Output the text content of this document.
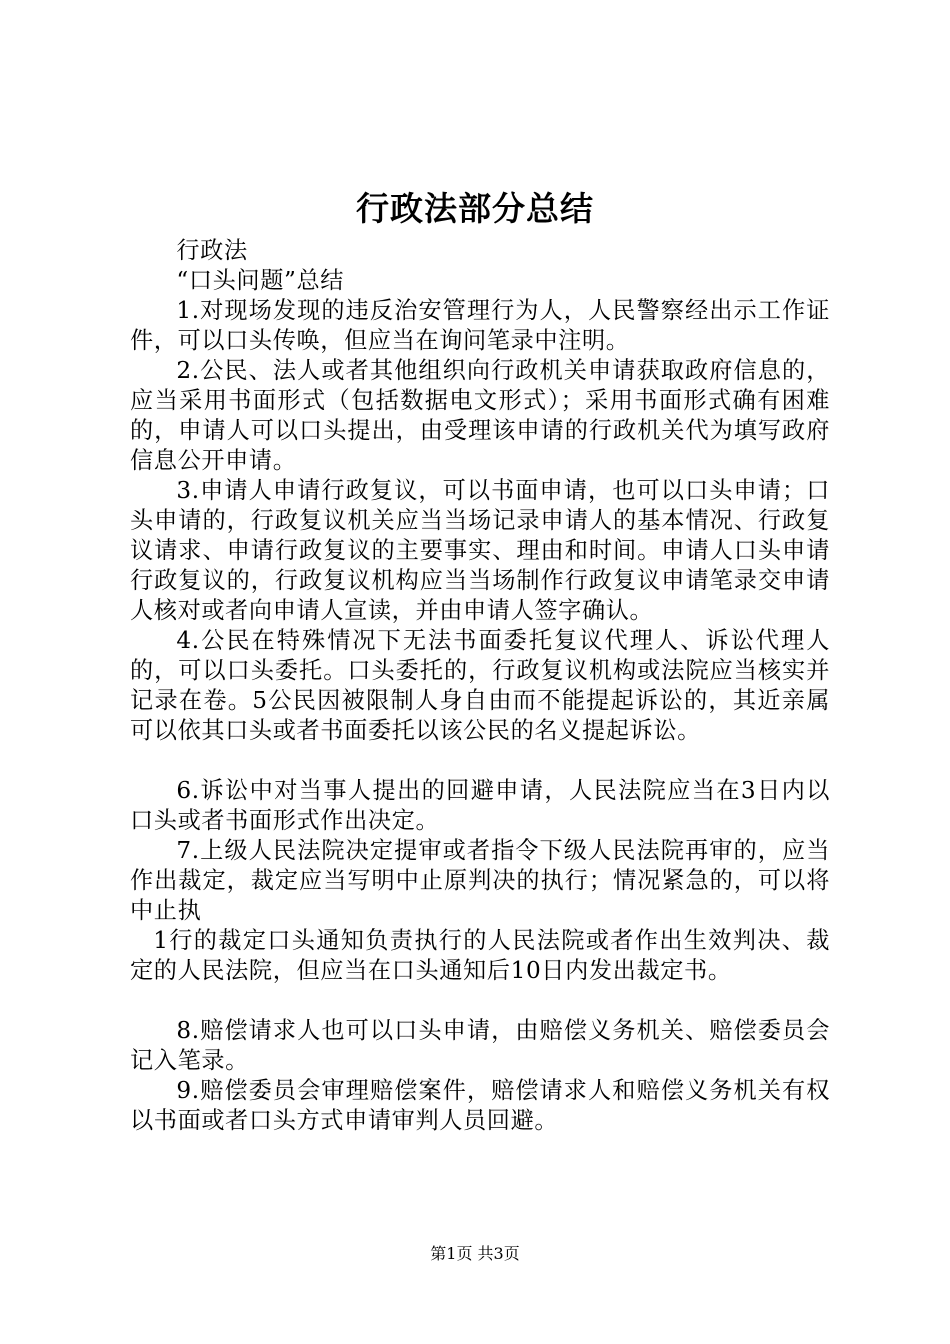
行政法部分总结

行政法

“口头问题”总结

1.对现场发现的违反治安管理行为人，人民警察经出示工作证件，可以口头传唤，但应当在询问笔录中注明。

2.公民、法人或者其他组织向行政机关申请获取政府信息的，应当采用书面形式（包括数据电文形式）；采用书面形式确有困难的，申请人可以口头提出，由受理该申请的行政机关代为填写政府信息公开申请。

3.申请人申请行政复议，可以书面申请，也可以口头申请；口头申请的，行政复议机关应当当场记录申请人的基本情况、行政复议请求、申请行政复议的主要事实、理由和时间。申请人口头申请行政复议的，行政复议机构应当当场制作行政复议申请笔录交申请人核对或者向申请人宣读，并由申请人签字确认。

4.公民在特殊情况下无法书面委托复议代理人、诉讼代理人的，可以口头委托。口头委托的，行政复议机构或法院应当核实并记录在卷。5公民因被限制人身自由而不能提起诉讼的，其近亲属可以依其口头或者书面委托以该公民的名义提起诉讼。

6.诉讼中对当事人提出的回避申请，人民法院应当在3日内以口头或者书面形式作出决定。

7.上级人民法院决定提审或者指令下级人民法院再审的，应当作出裁定，裁定应当写明中止原判决的执行；情况紧急的，可以将中止执

1行的裁定口头通知负责执行的人民法院或者作出生效判决、裁定的人民法院，但应当在口头通知后10日内发出裁定书。

8.赔偿请求人也可以口头申请，由赔偿义务机关、赔偿委员会记入笔录。

9.赔偿委员会审理赔偿案件，赔偿请求人和赔偿义务机关有权以书面或者口头方式申请审判人员回避。

第1页 共3页
